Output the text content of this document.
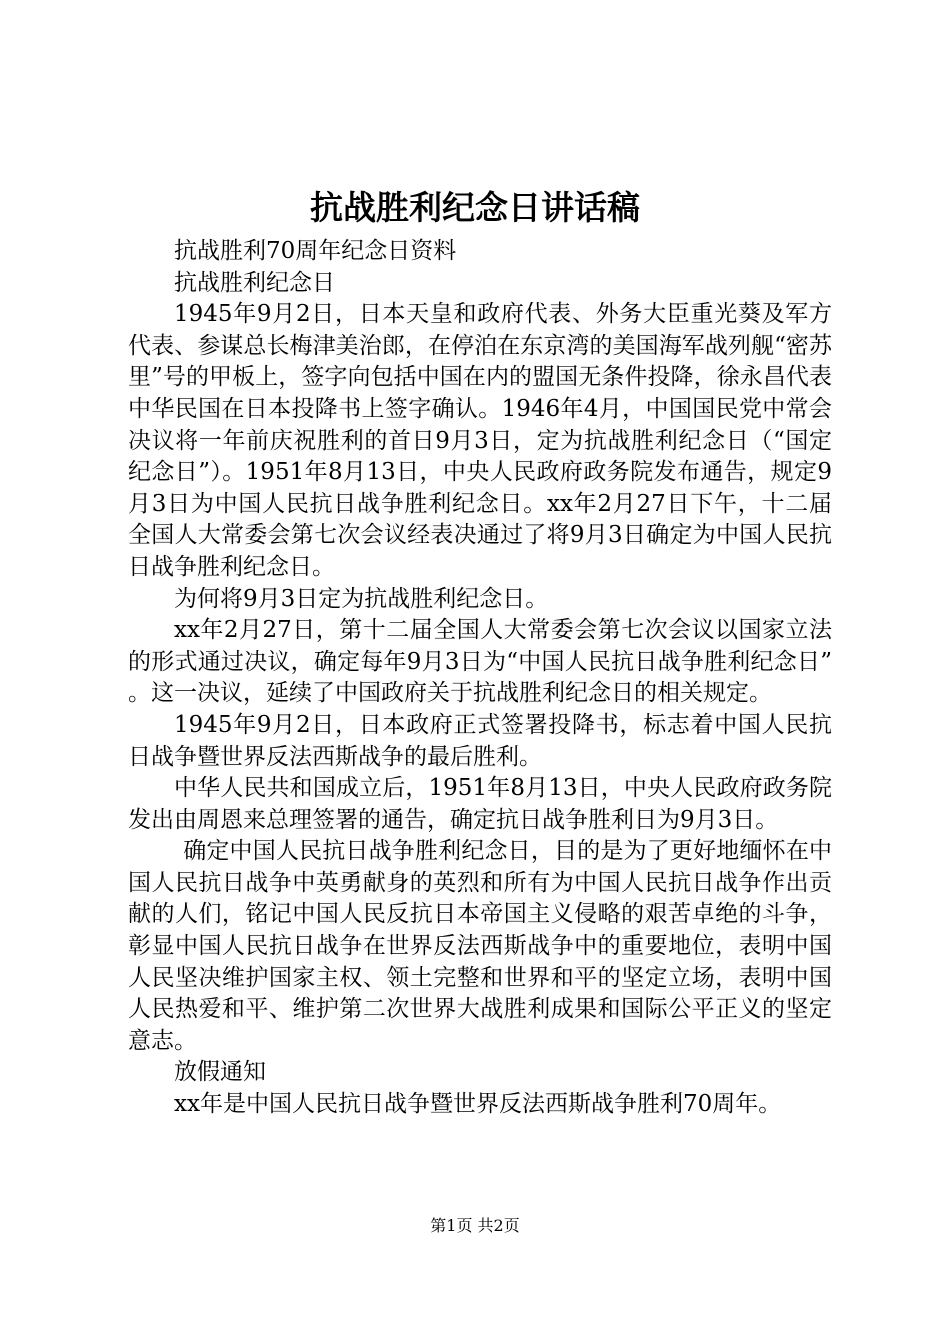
抗战胜利纪念日讲话稿

抗战胜利70周年纪念日资料

抗战胜利纪念日

1945年9月2日，日本天皇和政府代表、外务大臣重光葵及军方代表、参谋总长梅津美治郎，在停泊在东京湾的美国海军战列舰“密苏里”号的甲板上，签字向包括中国在内的盟国无条件投降，徐永昌代表中华民国在日本投降书上签字确认。1946年4月，中国国民党中常会决议将一年前庆祝胜利的首日9月3日，定为抗战胜利纪念日（“国定纪念日”）。1951年8月13日，中央人民政府政务院发布通告，规定9月3日为中国人民抗日战争胜利纪念日。xx年2月27日下午，十二届全国人大常委会第七次会议经表决通过了将9月3日确定为中国人民抗日战争胜利纪念日。

为何将9月3日定为抗战胜利纪念日。

xx年2月27日，第十二届全国人大常委会第七次会议以国家立法的形式通过决议，确定每年9月3日为“中国人民抗日战争胜利纪念日”。这一决议，延续了中国政府关于抗战胜利纪念日的相关规定。

1945年9月2日，日本政府正式签署投降书，标志着中国人民抗日战争暨世界反法西斯战争的最后胜利。

中华人民共和国成立后，1951年8月13日，中央人民政府政务院发出由周恩来总理签署的通告，确定抗日战争胜利日为9月3日。

确定中国人民抗日战争胜利纪念日，目的是为了更好地缅怀在中国人民抗日战争中英勇献身的英烈和所有为中国人民抗日战争作出贡献的人们，铭记中国人民反抗日本帝国主义侵略的艰苦卓绝的斗争，彰显中国人民抗日战争在世界反法西斯战争中的重要地位，表明中国人民坚决维护国家主权、领土完整和世界和平的坚定立场，表明中国人民热爱和平、维护第二次世界大战胜利成果和国际公平正义的坚定意志。

放假通知

xx年是中国人民抗日战争暨世界反法西斯战争胜利70周年。

第1页 共2页
